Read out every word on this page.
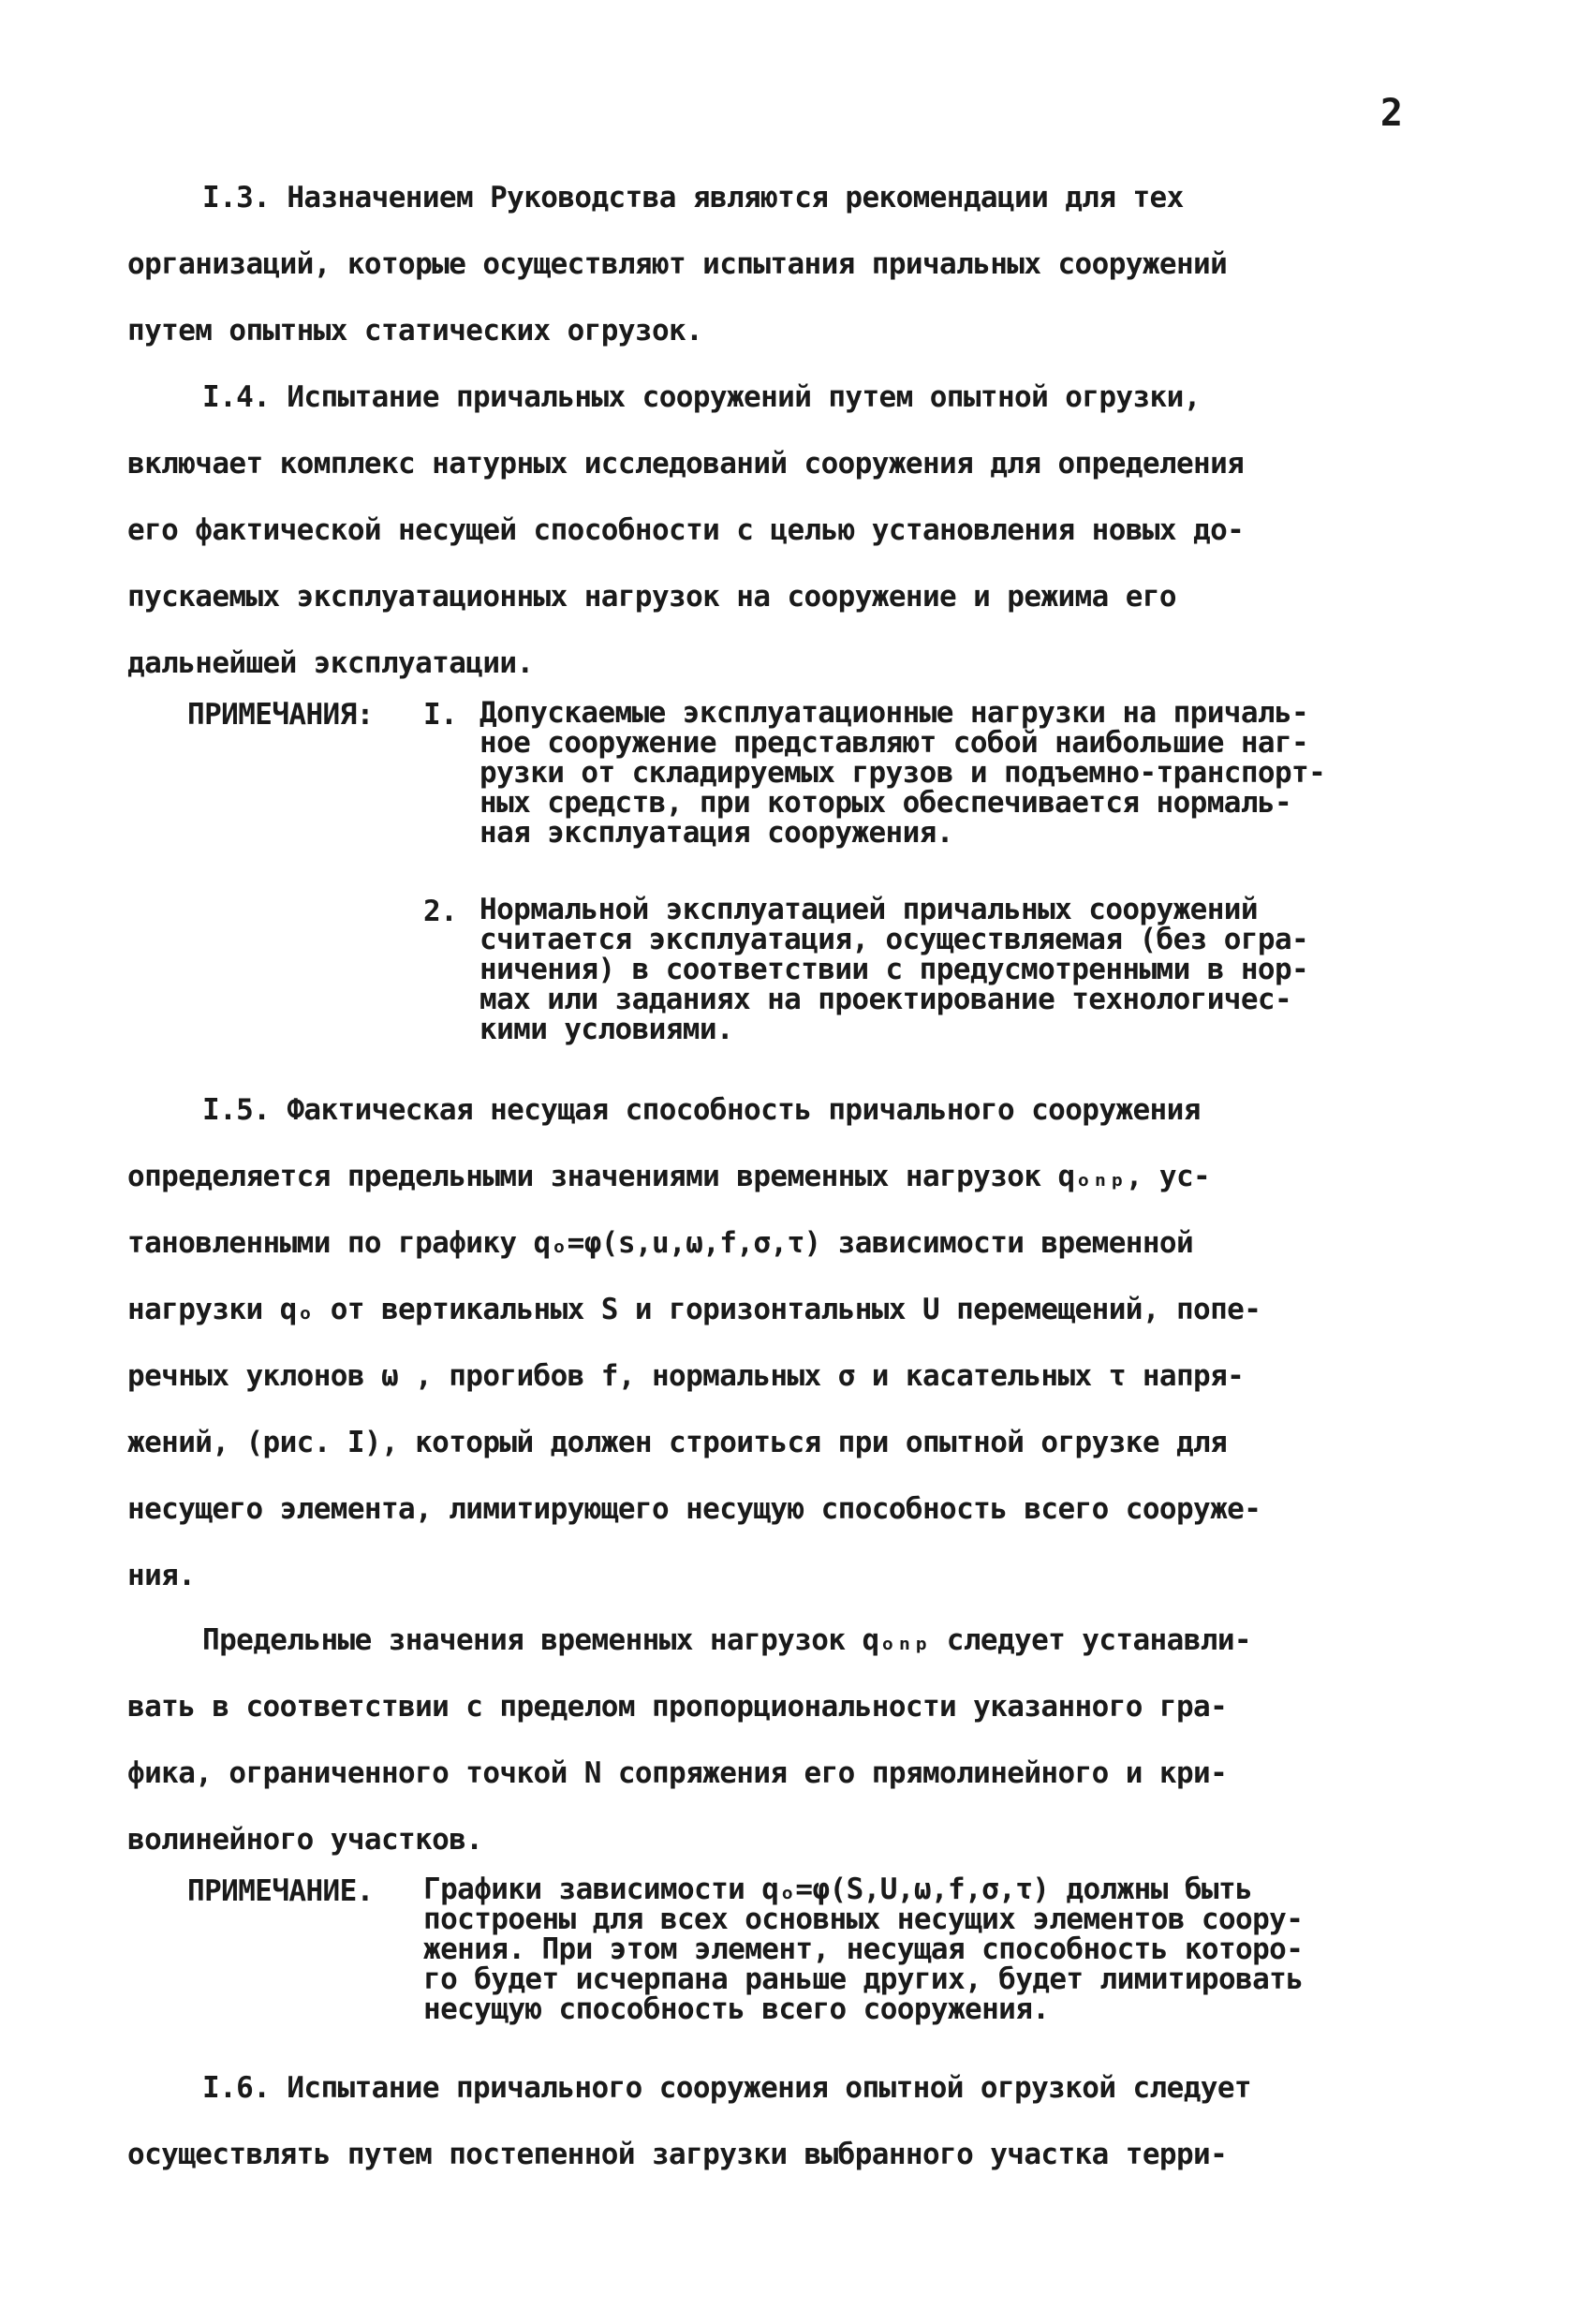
2
I.3. Назначением Руководства являются рекомендации для тех
организаций, которые осуществляют испытания причальных сооружений
путем опытных статических огрузок.
I.4. Испытание причальных сооружений путем опытной огрузки,
включает комплекс натурных исследований сооружения для определения
его фактической несущей способности с целью установления новых до-
пускаемых эксплуатационных нагрузок на сооружение и режима его
дальнейшей эксплуатации.
ПРИМЕЧАНИЯ: I. Допускаемые эксплуатационные нагрузки на причаль-
ное сооружение представляют собой наибольшие наг-
рузки от складируемых грузов и подъемно-транспорт-
ных средств, при которых обеспечивается нормаль-
ная эксплуатация сооружения.
2. Нормальной эксплуатацией причальных сооружений
считается эксплуатация, осуществляемая (без огра-
ничения) в соответствии с предусмотренными в нор-
мах или заданиях на проектирование технологичес-
кими условиями.
I.5. Фактическая несущая способность причального сооружения
определяется предельными значениями временных нагрузок qₒₙₚ, ус-
тановленными по графику qₒ=φ(s,u,ω,f,σ,τ) зависимости временной
нагрузки qₒ от вертикальных S и горизонтальных U перемещений, попе-
речных уклонов ω , прогибов f, нормальных σ и касательных τ напря-
жений, (рис. I), который должен строиться при опытной огрузке для
несущего элемента, лимитирующего несущую способность всего сооруже-
ния.
Предельные значения временных нагрузок qₒₙₚ следует устанавли-
вать в соответствии с пределом пропорциональности указанного гра-
фика, ограниченного точкой N сопряжения его прямолинейного и кри-
волинейного участков.
ПРИМЕЧАНИЕ. Графики зависимости qₒ=φ(S,U,ω,f,σ,τ) должны быть
построены для всех основных несущих элементов соору-
жения. При этом элемент, несущая способность которо-
го будет исчерпана раньше других, будет лимитировать
несущую способность всего сооружения.
I.6. Испытание причального сооружения опытной огрузкой следует
осуществлять путем постепенной загрузки выбранного участка терри-
